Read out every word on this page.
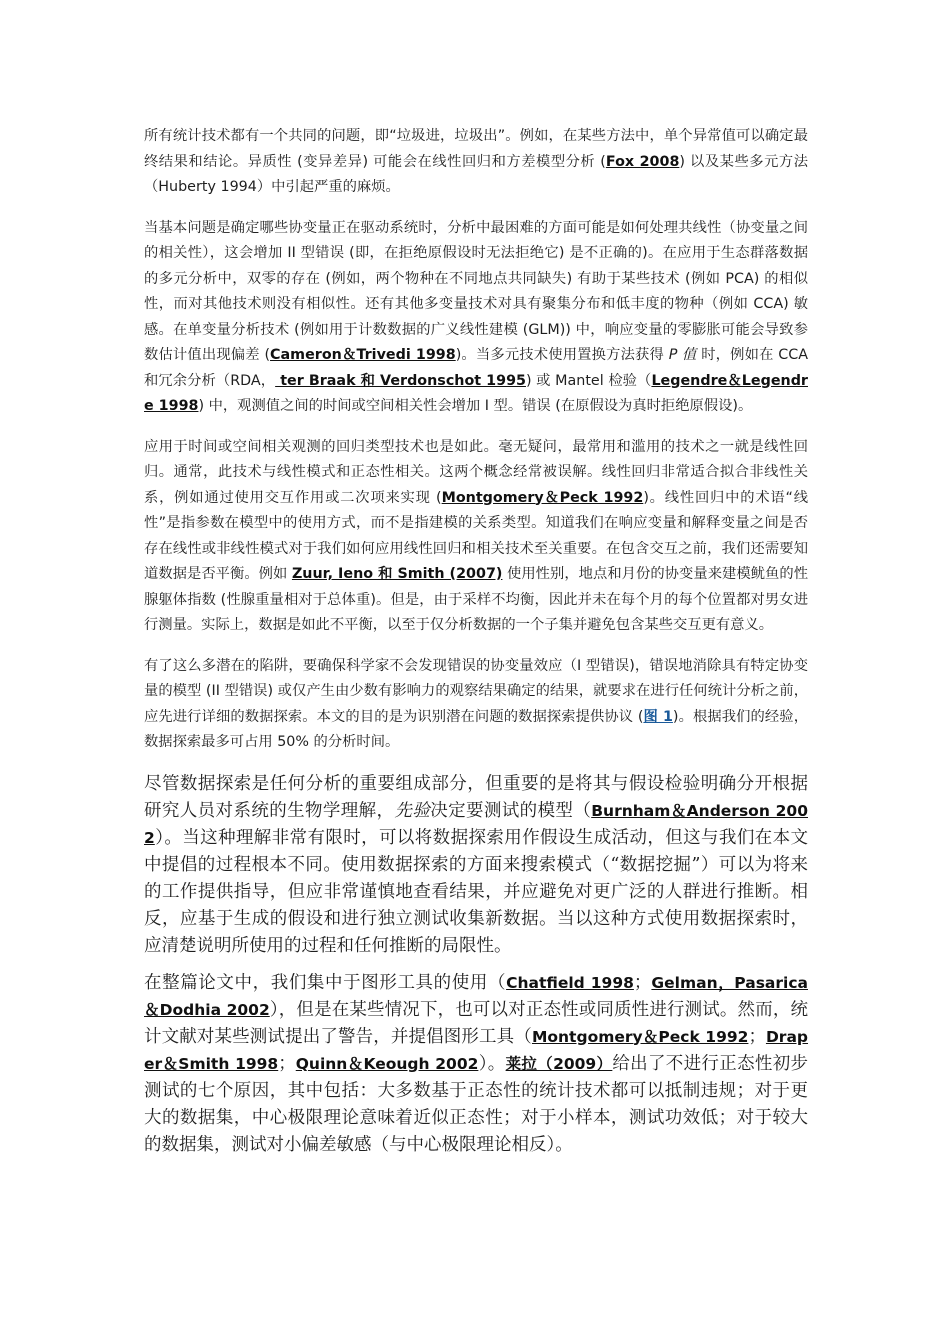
所有统计技术都有一个共同的问题，即“垃圾进，垃圾出”。例如，在某些方法中，单个异常值可以确定最终结果和结论。异质性 (变异差异) 可能会在线性回归和方差模型分析 (Fox 2008) 以及某些多元方法（Huberty 1994）中引起严重的麻烦。

当基本问题是确定哪些协变量正在驱动系统时，分析中最困难的方面可能是如何处理共线性（协变量之间的相关性），这会增加 II 型错误 (即，在拒绝原假设时无法拒绝它) 是不正确的)。在应用于生态群落数据的多元分析中，双零的存在 (例如，两个物种在不同地点共同缺失) 有助于某些技术 (例如 PCA) 的相似性，而对其他技术则没有相似性。还有其他多变量技术对具有聚集分布和低丰度的物种（例如 CCA) 敏感。在单变量分析技术 (例如用于计数数据的广义线性建模 (GLM)) 中，响应变量的零膨胀可能会导致参数估计值出现偏差 (Cameron＆Trivedi 1998)。当多元技术使用置换方法获得 P 值 时，例如在 CCA 和冗余分析（RDA， ter Braak 和 Verdonschot 1995) 或 Mantel 检验（Legendre＆Legendre 1998) 中，观测值之间的时间或空间相关性会增加 I 型。错误 (在原假设为真时拒绝原假设)。

应用于时间或空间相关观测的回归类型技术也是如此。毫无疑问，最常用和滥用的技术之一就是线性回归。通常，此技术与线性模式和正态性相关。这两个概念经常被误解。线性回归非常适合拟合非线性关系，例如通过使用交互作用或二次项来实现 (Montgomery＆Peck 1992)。线性回归中的术语“线性”是指参数在模型中的使用方式，而不是指建模的关系类型。知道我们在响应变量和解释变量之间是否存在线性或非线性模式对于我们如何应用线性回归和相关技术至关重要。在包含交互之前，我们还需要知道数据是否平衡。例如 Zuur, Ieno 和 Smith (2007) 使用性别，地点和月份的协变量来建模鱿鱼的性腺躯体指数 (性腺重量相对于总体重)。但是，由于采样不均衡，因此并未在每个月的每个位置都对男女进行测量。实际上，数据是如此不平衡，以至于仅分析数据的一个子集并避免包含某些交互更有意义。

有了这么多潜在的陷阱，要确保科学家不会发现错误的协变量效应（I 型错误)，错误地消除具有特定协变量的模型 (II 型错误) 或仅产生由少数有影响力的观察结果确定的结果，就要求在进行任何统计分析之前，应先进行详细的数据探索。本文的目的是为识别潜在问题的数据探索提供协议 (图 1)。根据我们的经验，数据探索最多可占用 50% 的分析时间。

尽管数据探索是任何分析的重要组成部分，但重要的是将其与假设检验明确分开根据研究人员对系统的生物学理解，先验决定要测试的模型（Burnham＆Anderson 2002）。当这种理解非常有限时，可以将数据探索用作假设生成活动，但这与我们在本文中提倡的过程根本不同。使用数据探索的方面来搜索模式（“数据挖掘”）可以为将来的工作提供指导，但应非常谨慎地查看结果，并应避免对更广泛的人群进行推断。相反，应基于生成的假设和进行独立测试收集新数据。当以这种方式使用数据探索时，应清楚说明所使用的过程和任何推断的局限性。

在整篇论文中，我们集中于图形工具的使用（Chatfield 1998；Gelman，Pasarica＆Dodhia 2002），但是在某些情况下，也可以对正态性或同质性进行测试。然而，统计文献对某些测试提出了警告，并提倡图形工具（Montgomery＆Peck 1992；Draper＆Smith 1998；Quinn＆Keough 2002）。莱拉（2009）给出了不进行正态性初步测试的七个原因，其中包括：大多数基于正态性的统计技术都可以抵制违规；对于更大的数据集，中心极限理论意味着近似正态性；对于小样本，测试功效低；对于较大的数据集，测试对小偏差敏感（与中心极限理论相反）。
